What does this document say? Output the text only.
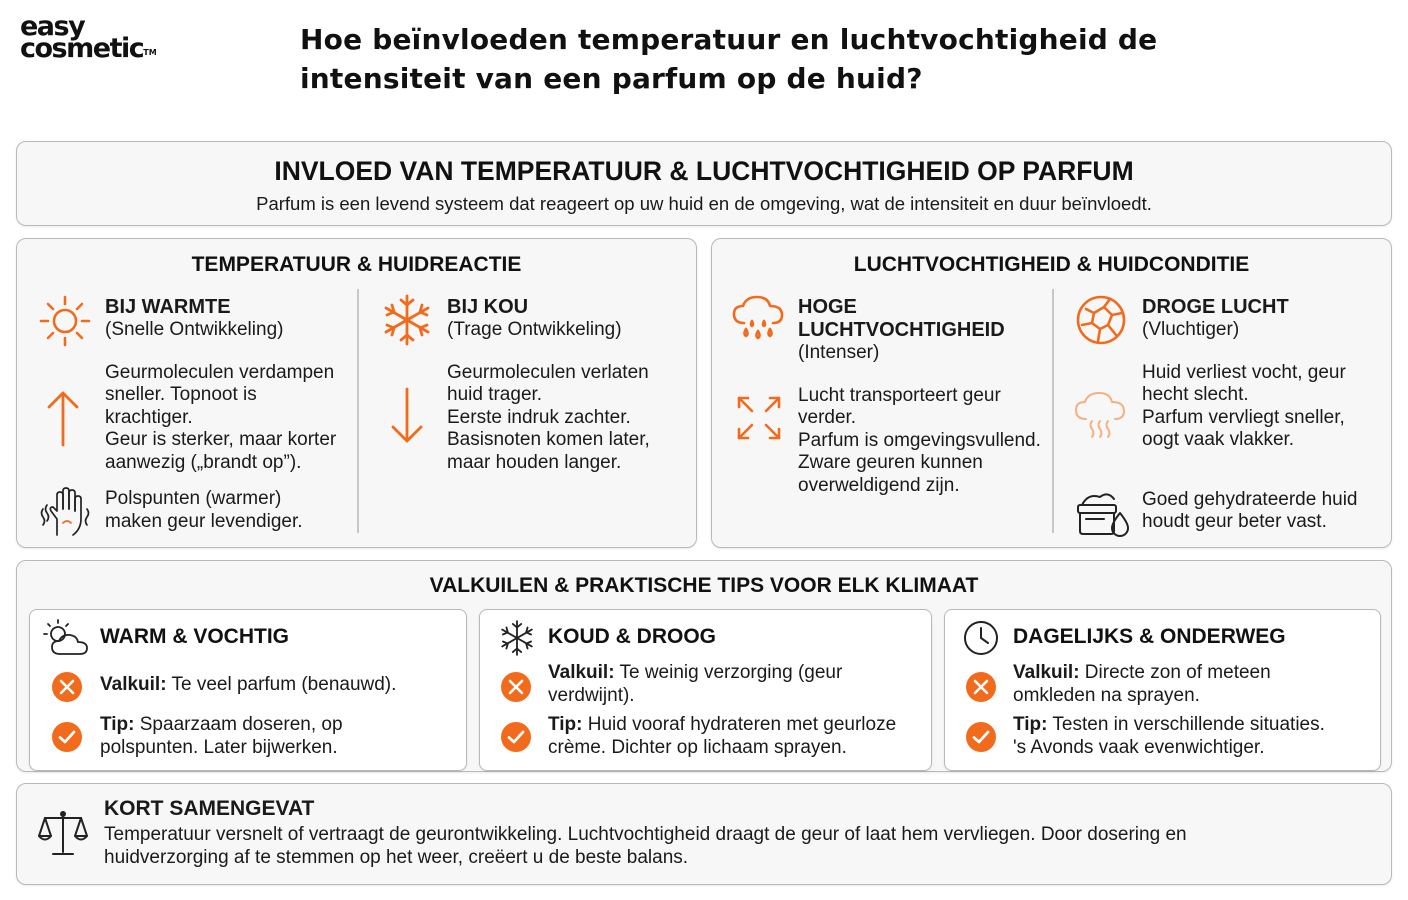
easy
cosmetic™	Hoe beïnvloeden temperatuur en luchtvochtigheid de intensiteit van een parfum op de huid?
INVLOED VAN TEMPERATUUR & LUCHTVOCHTIGHEID OP PARFUM
Parfum is een levend systeem dat reageert op uw huid en de omgeving, wat de intensiteit en duur beïnvloedt.
TEMPERATUUR & HUIDREACTIE
BIJ WARMTE
(Snelle Ontwikkeling)
Geurmoleculen verdampen
sneller. Topnoot is
krachtiger.
Geur is sterker, maar korter
aanwezig („brandt op”).
Polspunten (warmer)
maken geur levendiger.
BIJ KOU
(Trage Ontwikkeling)
Geurmoleculen verlaten
huid trager.
Eerste indruk zachter.
Basisnoten komen later,
maar houden langer.
LUCHTVOCHTIGHEID & HUIDCONDITIE
HOGE LUCHTVOCHTIGHEID
(Intenser)
Lucht transporteert geur
verder.
Parfum is omgevingsvullend.
Zware geuren kunnen
overweldigend zijn.
DROGE LUCHT
(Vluchtiger)
Huid verliest vocht, geur
hecht slecht.
Parfum vervliegt sneller,
oogt vaak vlakker.
Goed gehydrateerde huid
houdt geur beter vast.
VALKUILEN & PRAKTISCHE TIPS VOOR ELK KLIMAAT
WARM & VOCHTIG
Valkuil: Te veel parfum (benauwd).
Tip: Spaarzaam doseren, op
polspunten. Later bijwerken.
KOUD & DROOG
Valkuil: Te weinig verzorging (geur
verdwijnt).
Tip: Huid vooraf hydrateren met geurloze
crème. Dichter op lichaam sprayen.
DAGELIJKS & ONDERWEG
Valkuil: Directe zon of meteen
omkleden na sprayen.
Tip: Testen in verschillende situaties.
's Avonds vaak evenwichtiger.
KORT SAMENGEVAT
Temperatuur versnelt of vertraagt de geurontwikkeling. Luchtvochtigheid draagt de geur of laat hem vervliegen. Door dosering en
huidverzorging af te stemmen op het weer, creëert u de beste balans.
